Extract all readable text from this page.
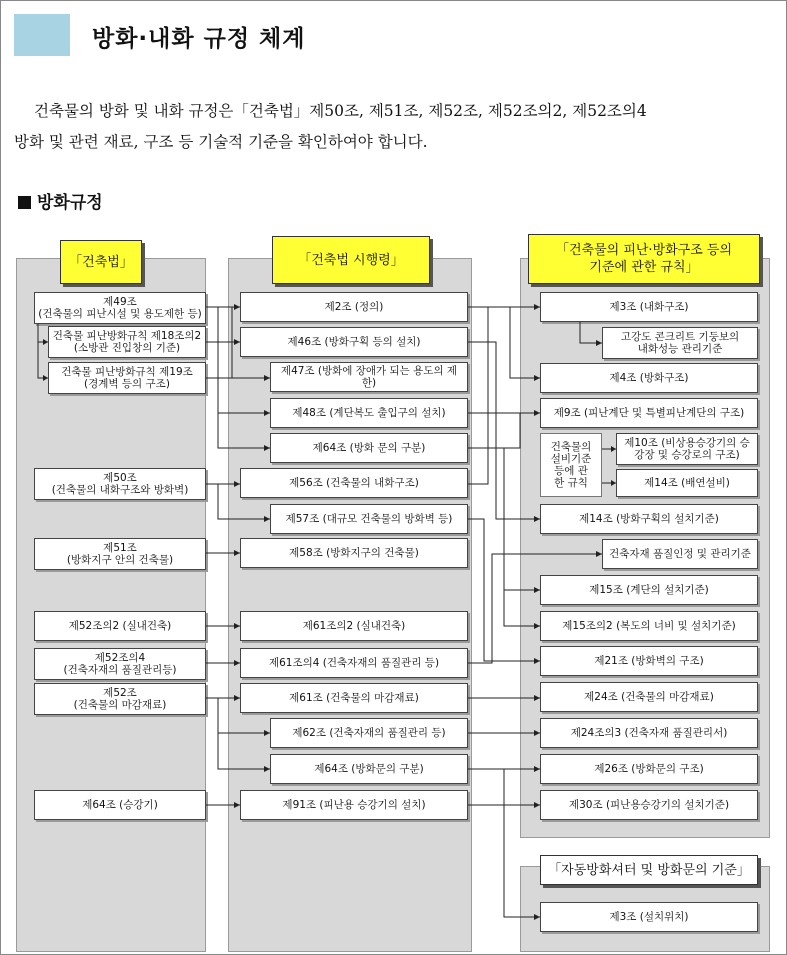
방화·내화 규정 체계

건축물의 방화 및 내화 규정은「건축법」제50조, 제51조, 제52조, 제52조의2, 제52조의4

방화 및 관련 재료, 구조 등 기술적 기준을 확인하여야 합니다.

방화규정
「건축법」	「건축법 시행령」
「건축물의 피난·방화구조 등의
기준에 관한 규칙」
「자동방화셔터 및 방화문의 기준」
제49조
(건축물의 피난시설 및 용도제한 등)
건축물 피난방화규칙 제18조의2
(소방관 진입창의 기준)
건축물 피난방화규칙 제19조
(경계벽 등의 구조)
제50조
(건축물의 내화구조와 방화벽)
제51조
(방화지구 안의 건축물)
제52조의2 (실내건축)
제52조의4
(건축자재의 품질관리등)
제52조
(건축물의 마감재료)
제64조 (승강기)
제2조 (정의)
제46조 (방화구획 등의 설치)
제47조 (방화에 장애가 되는 용도의 제한)
제48조 (계단복도 출입구의 설치)
제64조 (방화 문의 구분)
제56조 (건축물의 내화구조)
제57조 (대규모 건축물의 방화벽 등)
제58조 (방화지구의 건축물)
제61조의2 (실내건축)
제61조의4 (건축자재의 품질관리 등)
제61조 (건축물의 마감재료)
제62조 (건축자재의 품질관리 등)
제64조 (방화문의 구분)
제91조 (피난용 승강기의 설치)
제3조 (내화구조)
고강도 콘크리트 기둥보의
내화성능 관리기준
제4조 (방화구조)
제9조 (피난계단 및 특별피난계단의 구조)
건축물의
설비기준
등에 관
한 규칙
제10조 (비상용승강기의 승
강장 및 승강로의 구조)
제14조 (배연설비)
제14조 (방화구획의 설치기준)
건축자재 품질인정 및 관리기준
제15조 (계단의 설치기준)
제15조의2 (복도의 너비 및 설치기준)
제21조 (방화벽의 구조)
제24조 (건축물의 마감재료)
제24조의3 (건축자재 품질관리서)
제26조 (방화문의 구조)
제30조 (피난용승강기의 설치기준)
제3조 (설치위치)
